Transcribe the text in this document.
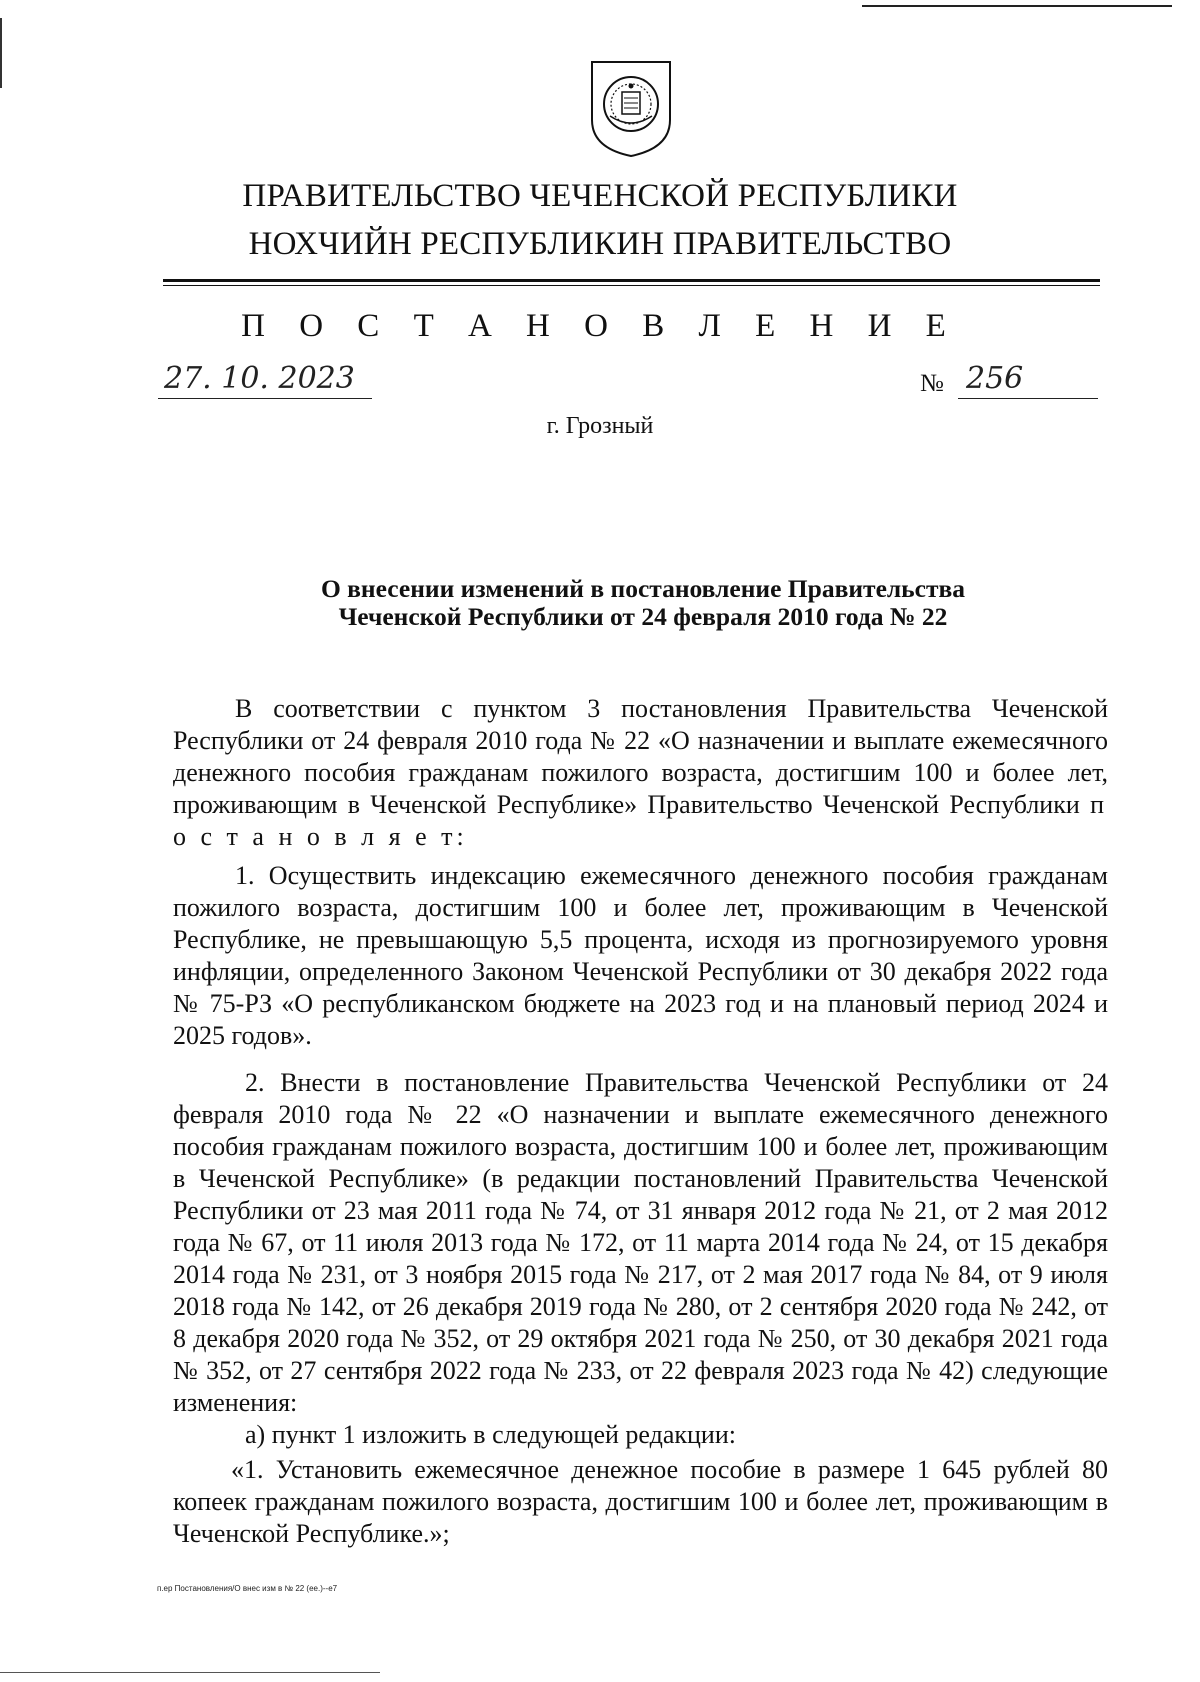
ПРАВИТЕЛЬСТВО ЧЕЧЕНСКОЙ РЕСПУБЛИКИ
НОХЧИЙН РЕСПУБЛИКИН ПРАВИТЕЛЬСТВО
П О С Т А Н О В Л Е Н И Е
27. 10. 2023	№ 256
г. Грозный
О внесении изменений в постановление Правительства
Чеченской Республики от 24 февраля 2010 года № 22
В соответствии с пунктом 3 постановления Правительства Чеченской Республики от 24 февраля 2010 года № 22 «О назначении и выплате ежемесячного денежного пособия гражданам пожилого возраста, достигшим 100 и более лет, проживающим в Чеченской Республике» Правительство Чеченской Республики п о с т а н о в л я е т:
1. Осуществить индексацию ежемесячного денежного пособия гражданам пожилого возраста, достигшим 100 и более лет, проживающим в Чеченской Республике, не превышающую 5,5 процента, исходя из прогнозируемого уровня инфляции, определенного Законом Чеченской Республики от 30 декабря 2022 года № 75-РЗ «О республиканском бюджете на 2023 год и на плановый период 2024 и 2025 годов».
2. Внести в постановление Правительства Чеченской Республики от 24 февраля 2010 года № 22 «О назначении и выплате ежемесячного денежного пособия гражданам пожилого возраста, достигшим 100 и более лет, проживающим в Чеченской Республике» (в редакции постановлений Правительства Чеченской Республики от 23 мая 2011 года № 74, от 31 января 2012 года № 21, от 2 мая 2012 года № 67, от 11 июля 2013 года № 172, от 11 марта 2014 года № 24, от 15 декабря 2014 года № 231, от 3 ноября 2015 года № 217, от 2 мая 2017 года № 84, от 9 июля 2018 года № 142, от 26 декабря 2019 года № 280, от 2 сентября 2020 года № 242, от 8 декабря 2020 года № 352, от 29 октября 2021 года № 250, от 30 декабря 2021 года № 352, от 27 сентября 2022 года № 233, от 22 февраля 2023 года № 42) следующие изменения:
а) пункт 1 изложить в следующей редакции:
«1. Установить ежемесячное денежное пособие в размере 1 645 рублей 80 копеек гражданам пожилого возраста, достигшим 100 и более лет, проживающим в Чеченской Республике.»;
п.ер Постановления/О внес изм в № 22 (ее.)--е7
